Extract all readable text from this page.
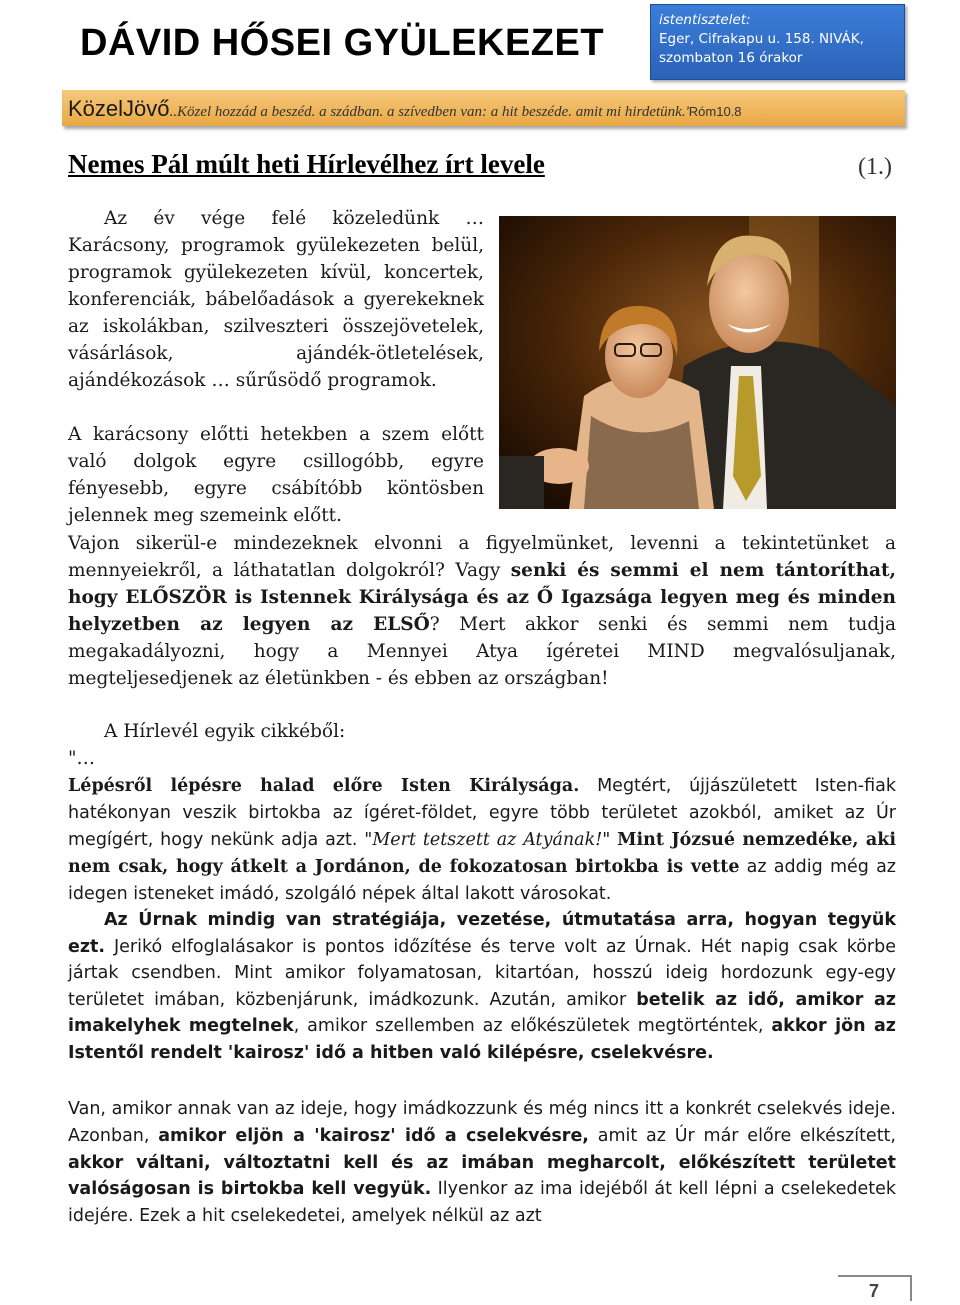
DÁVID HŐSEI GYÜLEKEZET
istentisztelet:
Eger, Cifrakapu u. 158. NIVÁK,
szombaton 16 órakor
KözelJövő..Közel hozzád a beszéd. a szádban. a szívedben van: a hit beszéde. amit mi hirdetünk.'Róm10.8
Nemes Pál múlt heti Hírlevélhez írt levele	(1.)
Az év vége felé közeledünk … Karácsony, programok gyülekezeten belül, programok gyülekezeten kívül, koncertek, konferenciák, bábelőadások a gyerekeknek az iskolákban, szilveszteri összejövetelek, vásárlások, ajándék-ötletelések, ajándékozások … sűrűsödő programok.
A karácsony előtti hetekben a szem előtt való dolgok egyre csillogóbb, egyre fényesebb, egyre csábítóbb köntösben jelennek meg szemeink előtt.
Vajon sikerül-e mindezeknek elvonni a figyelmünket, levenni a tekintetünket a mennyeiekről, a láthatatlan dolgokról? Vagy senki és semmi el nem tántoríthat, hogy ELŐSZÖR is Istennek Királysága és az Ő Igazsága legyen meg és minden helyzetben az legyen az ELSŐ? Mert akkor senki és semmi nem tudja megakadályozni, hogy a Mennyei Atya ígéretei MIND megvalósuljanak, megteljesedjenek az életünkben - és ebben az országban!
A Hírlevél egyik cikkéből:
"…
Lépésről lépésre halad előre Isten Királysága. Megtért, újjászületett Isten-fiak hatékonyan veszik birtokba az ígéret-földet, egyre több területet azokból, amiket az Úr megígért, hogy nekünk adja azt. "Mert tetszett az Atyának!" Mint Józsué nemzedéke, aki nem csak, hogy átkelt a Jordánon, de fokozatosan birtokba is vette az addig még az idegen isteneket imádó, szolgáló népek által lakott városokat.
Az Úrnak mindig van stratégiája, vezetése, útmutatása arra, hogyan tegyük ezt. Jerikó elfoglalásakor is pontos időzítése és terve volt az Úrnak. Hét napig csak körbe jártak csendben. Mint amikor folyamatosan, kitartóan, hosszú ideig hordozunk egy-egy területet imában, közbenjárunk, imádkozunk. Azután, amikor betelik az idő, amikor az imakelyhek megtelnek, amikor szellemben az előkészületek megtörténtek, akkor jön az Istentől rendelt 'kairosz' idő a hitben való kilépésre, cselekvésre.
Van, amikor annak van az ideje, hogy imádkozzunk és még nincs itt a konkrét cselekvés ideje. Azonban, amikor eljön a 'kairosz' idő a cselekvésre, amit az Úr már előre elkészített, akkor váltani, változtatni kell és az imában megharcolt, előkészített területet valóságosan is birtokba kell vegyük. Ilyenkor az ima idejéből át kell lépni a cselekedetek idejére. Ezek a hit cselekedetei, amelyek nélkül az azt
7
